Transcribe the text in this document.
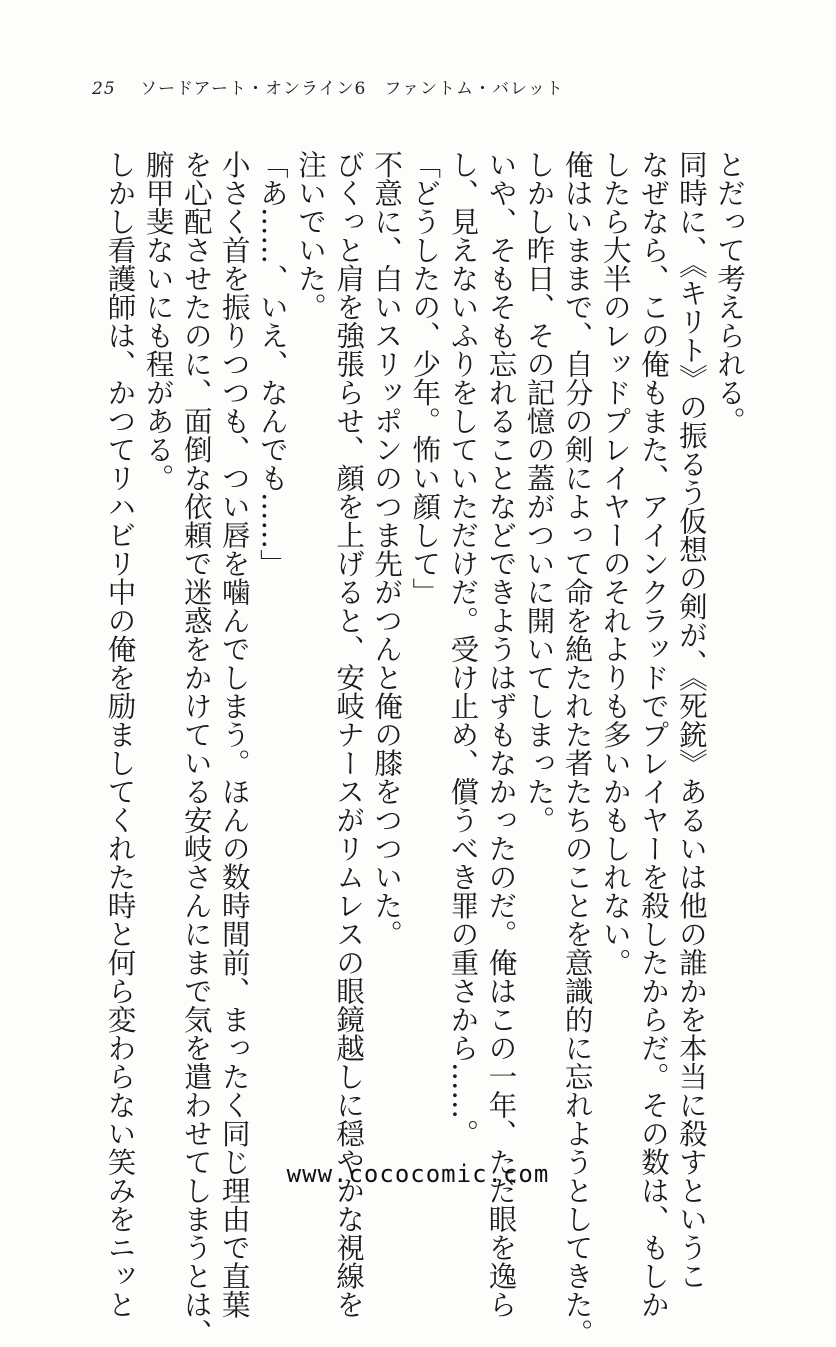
25 ソードアート・オンライン6　ファントム・バレット
とだって考えられる。
同時に、《キリト》の振るう仮想の剣が、《死銃》あるいは他の誰かを本当に殺すというこ
なぜなら、この俺もまた、アインクラッドでプレイヤーを殺したからだ。その数は、もしか
したら大半のレッドプレイヤーのそれよりも多いかもしれない。
俺はいままで、自分の剣によって命を絶たれた者たちのことを意識的に忘れようとしてきた。
しかし昨日、その記憶の蓋がついに開いてしまった。
いや、そもそも忘れることなどできようはずもなかったのだ。俺はこの一年、ただ眼を逸ら
し、見えないふりをしていただけだ。受け止め、償うべき罪の重さから……。
「どうしたの、少年。怖い顔して」
不意に、白いスリッポンのつま先がつんと俺の膝をつついた。
びくっと肩を強張らせ、顔を上げると、安岐ナースがリムレスの眼鏡越しに穏やかな視線を
注いでいた。
「あ……、いえ、なんでも……」
小さく首を振りつつも、つい唇を噛んでしまう。ほんの数時間前、まったく同じ理由で直葉
を心配させたのに、面倒な依頼で迷惑をかけている安岐さんにまで気を遣わせてしまうとは、
腑甲斐ないにも程がある。
しかし看護師は、かつてリハビリ中の俺を励ましてくれた時と何ら変わらない笑みをニッと	www.cococomic.com
